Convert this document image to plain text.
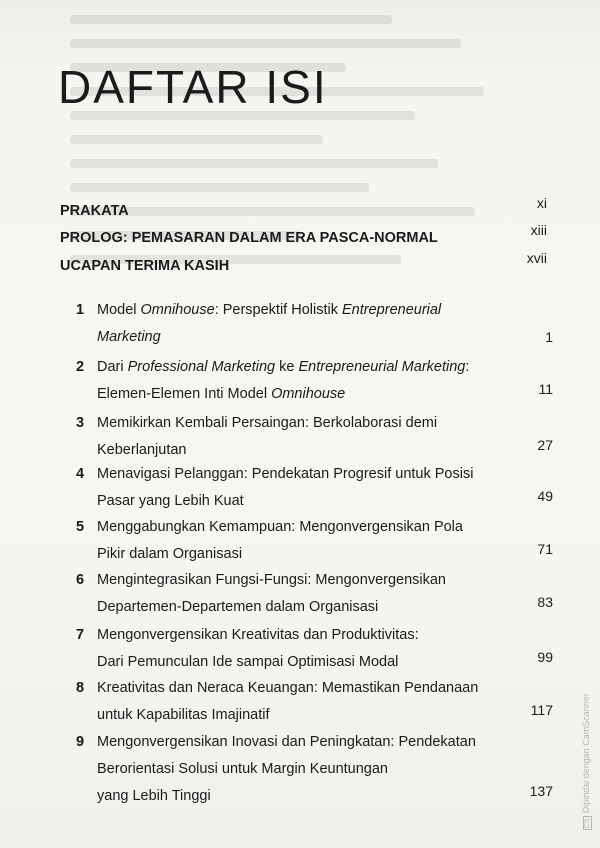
DAFTAR ISI
PRAKATA	xi
PROLOG: PEMASARAN DALAM ERA PASCA-NORMAL	xiii
UCAPAN TERIMA KASIH	xvii
1 Model Omnihouse: Perspektif Holistik Entrepreneurial
Marketing	1
2 Dari Professional Marketing ke Entrepreneurial Marketing:
Elemen-Elemen Inti Model Omnihouse	11
3 Memikirkan Kembali Persaingan: Berkolaborasi demi
Keberlanjutan	27
4 Menavigasi Pelanggan: Pendekatan Progresif untuk Posisi
Pasar yang Lebih Kuat	49
5 Menggabungkan Kemampuan: Mengonvergensikan Pola
Pikir dalam Organisasi	71
6 Mengintegrasikan Fungsi-Fungsi: Mengonvergensikan
Departemen-Departemen dalam Organisasi	83
7 Mengonvergensikan Kreativitas dan Produktivitas:
Dari Pemunculan Ide sampai Optimisasi Modal	99
8 Kreativitas dan Neraca Keuangan: Memastikan Pendanaan
untuk Kapabilitas Imajinatif	117
9 Mengonvergensikan Inovasi dan Peningkatan: Pendekatan
Berorientasi Solusi untuk Margin Keuntungan
yang Lebih Tinggi	137
CSDipindai dengan CamScanner
